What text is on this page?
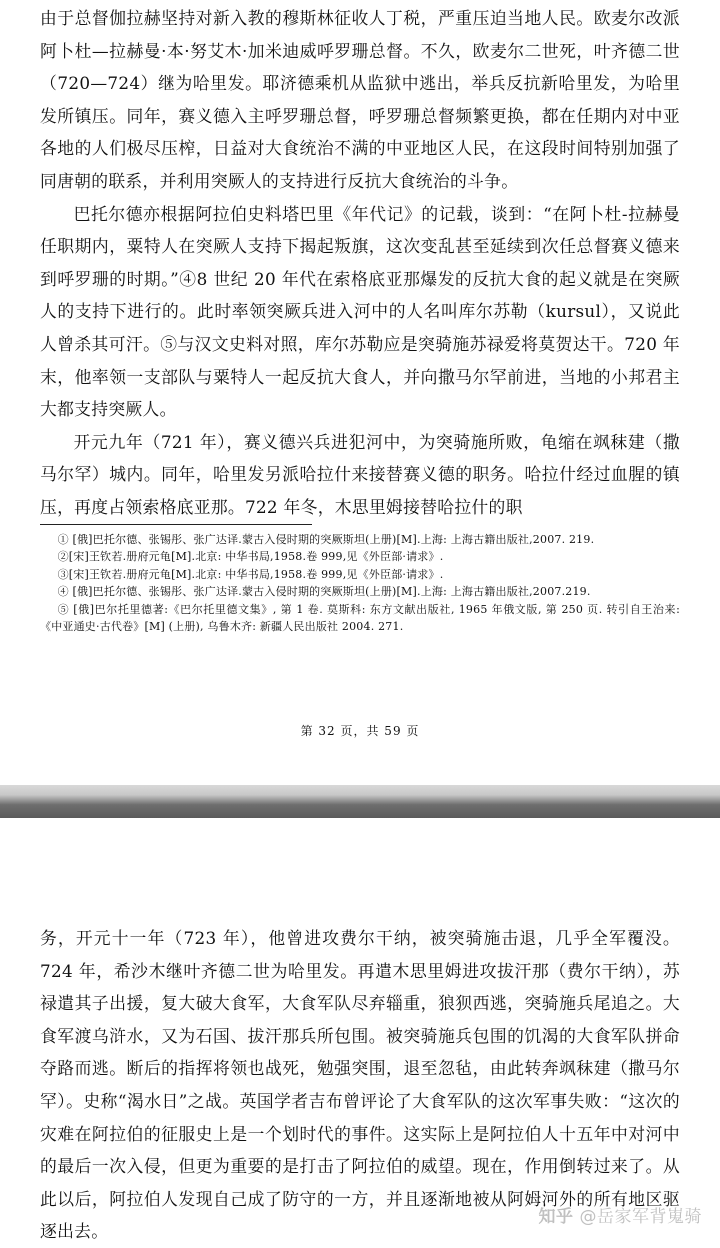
由于总督伽拉赫坚持对新入教的穆斯林征收人丁税，严重压迫当地人民。欧麦尔改派阿卜杜—拉赫曼·本·努艾木·加米迪威呼罗珊总督。不久，欧麦尔二世死，叶齐德二世（720—724）继为哈里发。耶济德乘机从监狱中逃出，举兵反抗新哈里发，为哈里发所镇压。同年，赛义德入主呼罗珊总督，呼罗珊总督频繁更换，都在任期内对中亚各地的人们极尽压榨，日益对大食统治不满的中亚地区人民，在这段时间特别加强了同唐朝的联系，并利用突厥人的支持进行反抗大食统治的斗争。

巴托尔德亦根据阿拉伯史料塔巴里《年代记》的记载，谈到：“在阿卜杜-拉赫曼任职期内，粟特人在突厥人支持下揭起叛旗，这次变乱甚至延续到次任总督赛义德来到呼罗珊的时期。”④8 世纪 20 年代在索格底亚那爆发的反抗大食的起义就是在突厥人的支持下进行的。此时率领突厥兵进入河中的人名叫库尔苏勒（kursul），又说此人曾杀其可汗。⑤与汉文史料对照，库尔苏勒应是突骑施苏禄爱将莫贺达干。720 年末，他率领一支部队与粟特人一起反抗大食人，并向撒马尔罕前进，当地的小邦君主大都支持突厥人。

开元九年（721 年），赛义德兴兵进犯河中，为突骑施所败，龟缩在飒秣建（撒马尔罕）城内。同年，哈里发另派哈拉什来接替赛义德的职务。哈拉什经过血腥的镇压，再度占领索格底亚那。722 年冬，木思里姆接替哈拉什的职

① [俄]巴托尔德、张锡彤、张广达译.蒙古入侵时期的突厥斯坦(上册)[M].上海: 上海古籍出版社,2007. 219.

②[宋]王钦若.册府元龟[M].北京: 中华书局,1958.卷 999,见《外臣部·请求》.

③[宋]王钦若.册府元龟[M].北京: 中华书局,1958.卷 999,见《外臣部·请求》.

④ [俄]巴托尔德、张锡彤、张广达译.蒙古入侵时期的突厥斯坦(上册)[M].上海: 上海古籍出版社,2007.219.

⑤ [俄]巴尔托里德著:《巴尔托里德文集》, 第 1 卷. 莫斯科: 东方文献出版社, 1965 年俄文版, 第 250 页. 转引自王治来:《中亚通史·古代卷》[M] (上册), 乌鲁木齐: 新疆人民出版社 2004. 271.

第 32 页，共 59 页

务，开元十一年（723 年），他曾进攻费尔干纳，被突骑施击退，几乎全军覆没。724 年，希沙木继叶齐德二世为哈里发。再遣木思里姆进攻拔汗那（费尔干纳），苏禄遣其子出援，复大破大食军，大食军队尽弃辎重，狼狈西逃，突骑施兵尾追之。大食军渡乌浒水，又为石国、拔汗那兵所包围。被突骑施兵包围的饥渴的大食军队拼命夺路而逃。断后的指挥将领也战死，勉强突围，退至忽毡，由此转奔飒秣建（撒马尔罕）。史称“渴水日”之战。英国学者吉布曾评论了大食军队的这次军事失败：“这次的灾难在阿拉伯的征服史上是一个划时代的事件。这实际上是阿拉伯人十五年中对河中的最后一次入侵，但更为重要的是打击了阿拉伯的威望。现在，作用倒转过来了。从此以后，阿拉伯人发现自己成了防守的一方，并且逐渐地被从阿姆河外的所有地区驱逐出去。

知乎 @岳家军背嵬骑
